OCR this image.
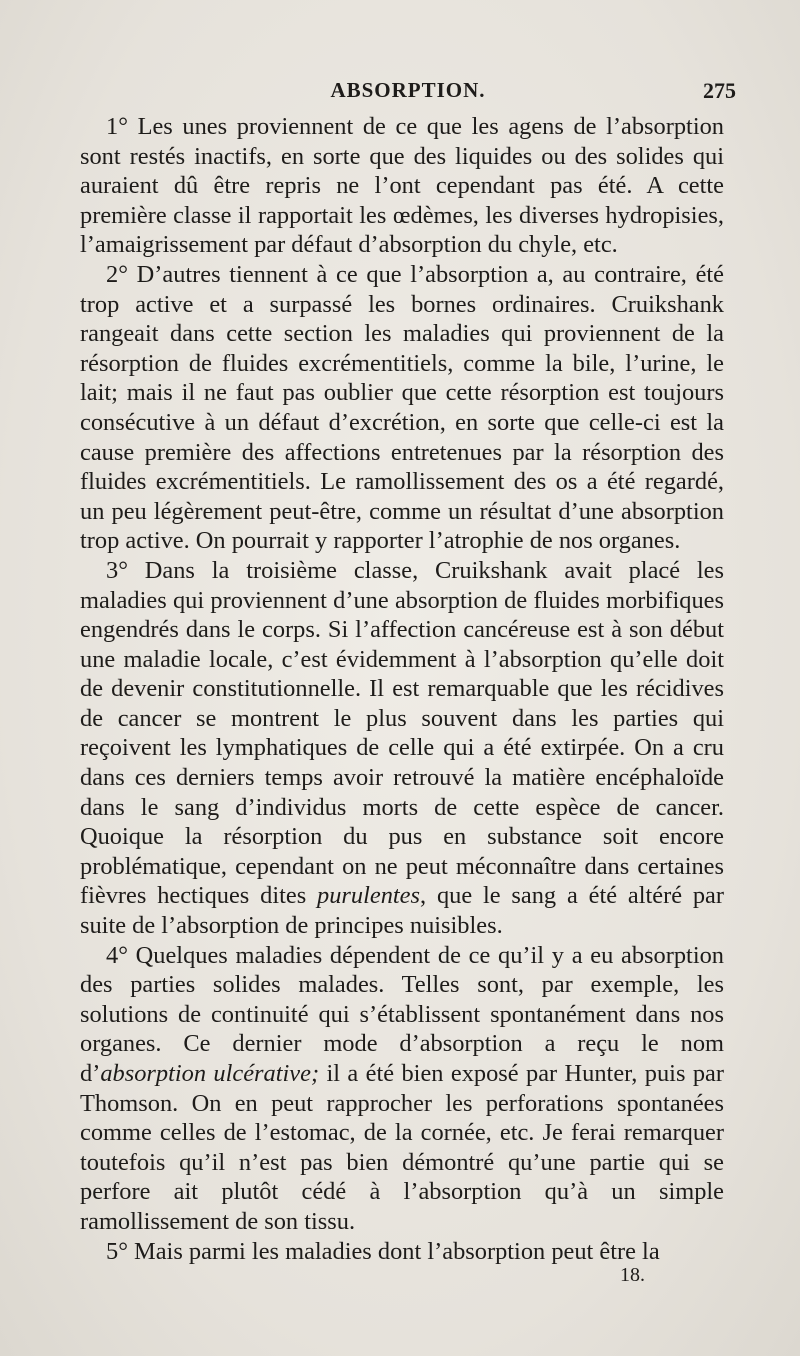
ABSORPTION.	275

1° Les unes proviennent de ce que les agens de l’absorption sont restés inactifs, en sorte que des liquides ou des solides qui auraient dû être repris ne l’ont cependant pas été. A cette première classe il rapportait les œdèmes, les diverses hydropisies, l’amaigrissement par défaut d’absorption du chyle, etc.

2° D’autres tiennent à ce que l’absorption a, au contraire, été trop active et a surpassé les bornes ordinaires. Cruikshank rangeait dans cette section les maladies qui proviennent de la résorption de fluides excrémentitiels, comme la bile, l’urine, le lait; mais il ne faut pas oublier que cette résorption est toujours consécutive à un défaut d’excrétion, en sorte que celle-ci est la cause première des affections entretenues par la résorption des fluides excrémentitiels. Le ramollissement des os a été regardé, un peu légèrement peut-être, comme un résultat d’une absorption trop active. On pourrait y rapporter l’atrophie de nos organes.

3° Dans la troisième classe, Cruikshank avait placé les maladies qui proviennent d’une absorption de fluides morbifiques engendrés dans le corps. Si l’affection cancéreuse est à son début une maladie locale, c’est évidemment à l’absorption qu’elle doit de devenir constitutionnelle. Il est remarquable que les récidives de cancer se montrent le plus souvent dans les parties qui reçoivent les lymphatiques de celle qui a été extirpée. On a cru dans ces derniers temps avoir retrouvé la matière encéphaloïde dans le sang d’individus morts de cette espèce de cancer. Quoique la résorption du pus en substance soit encore problématique, cependant on ne peut méconnaître dans certaines fièvres hectiques dites purulentes, que le sang a été altéré par suite de l’absorption de principes nuisibles.

4° Quelques maladies dépendent de ce qu’il y a eu absorption des parties solides malades. Telles sont, par exemple, les solutions de continuité qui s’établissent spontanément dans nos organes. Ce dernier mode d’absorption a reçu le nom d’absorption ulcérative; il a été bien exposé par Hunter, puis par Thomson. On en peut rapprocher les perforations spontanées comme celles de l’estomac, de la cornée, etc. Je ferai remarquer toutefois qu’il n’est pas bien démontré qu’une partie qui se perfore ait plutôt cédé à l’absorption qu’à un simple ramollissement de son tissu.

5° Mais parmi les maladies dont l’absorption peut être la

18.
